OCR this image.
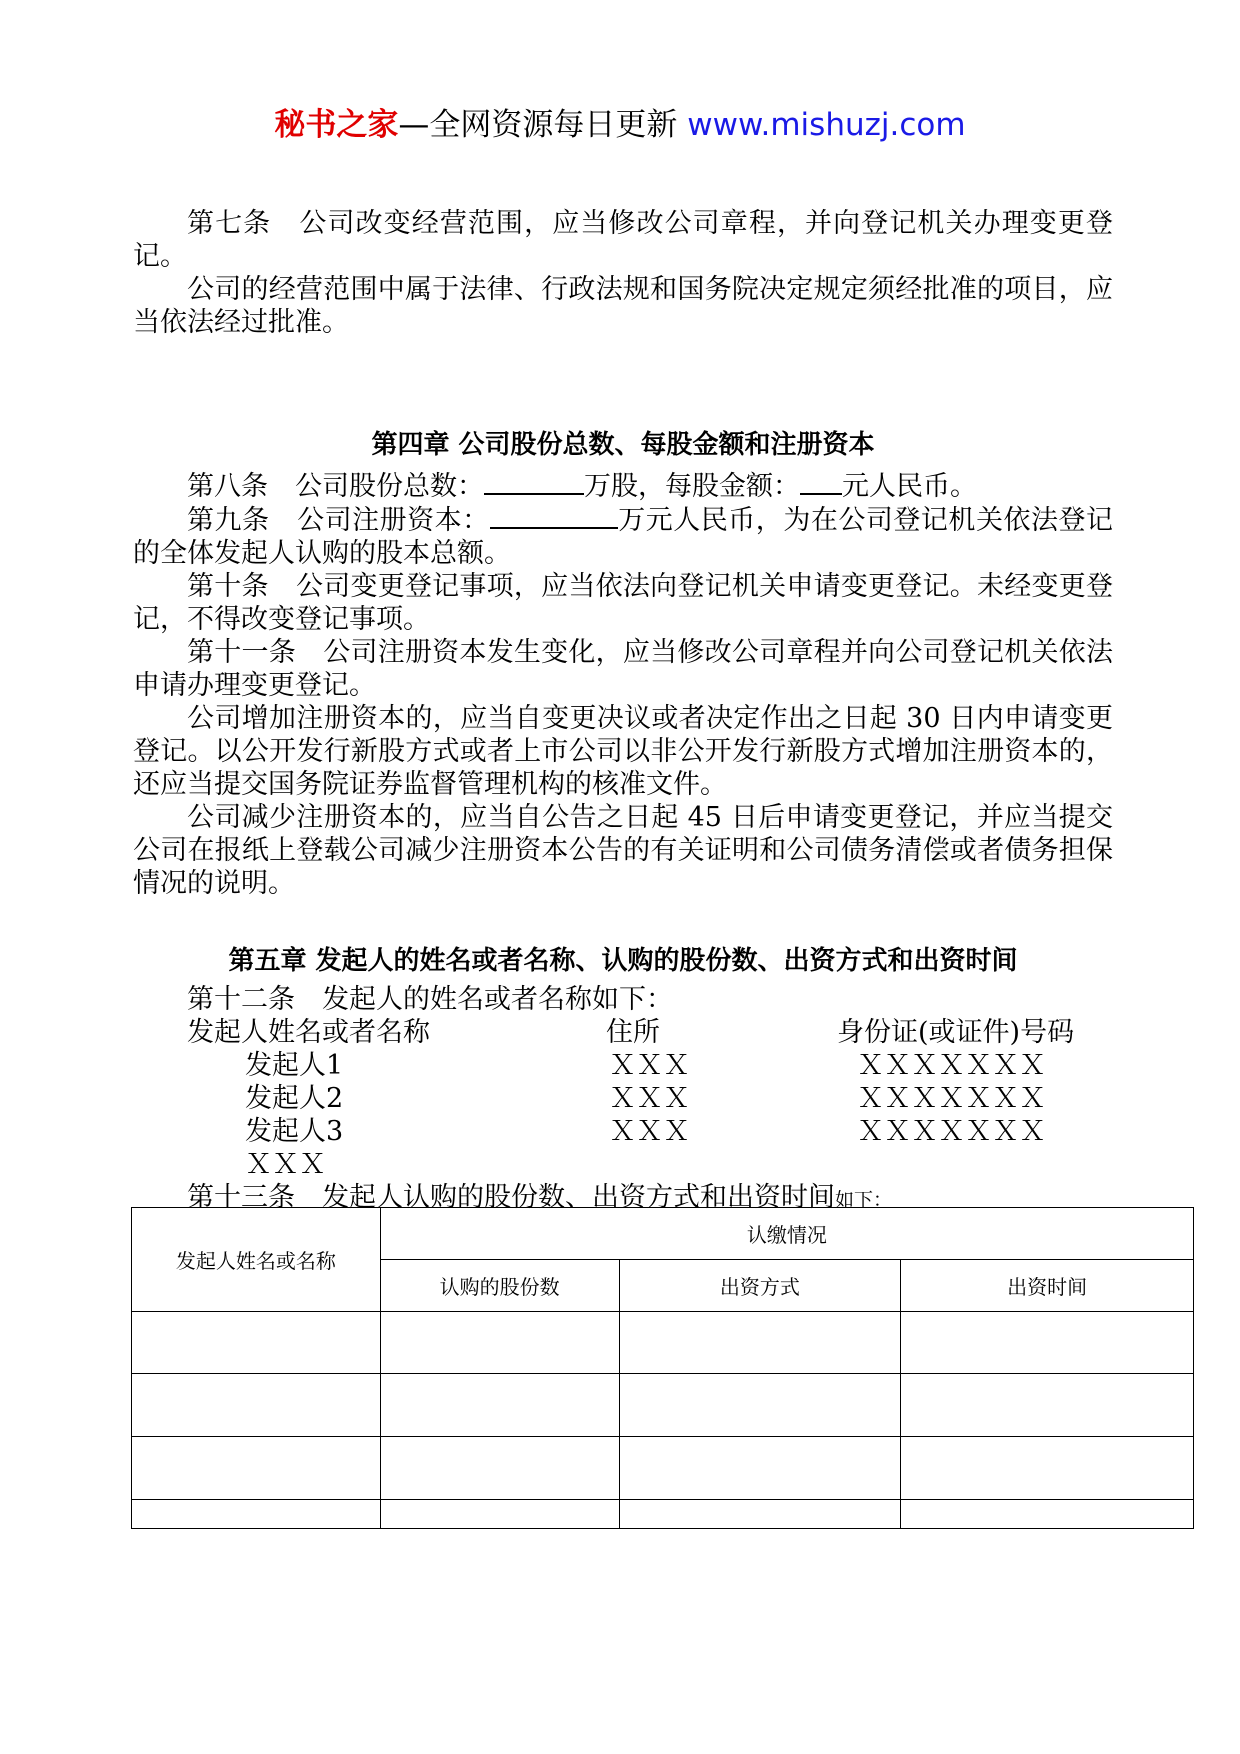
秘书之家—全网资源每日更新 www.mishuzj.com

第七条　公司改变经营范围，应当修改公司章程，并向登记机关办理变更登记。

公司的经营范围中属于法律、行政法规和国务院决定规定须经批准的项目，应当依法经过批准。

第四章 公司股份总数、每股金额和注册资本

第八条　公司股份总数：	万股，每股金额： 元人民币。

第九条　公司注册资本：	万元人民币，为在公司登记机关依法登记的全体发起人认购的股本总额。

第十条　公司变更登记事项，应当依法向登记机关申请变更登记。未经变更登记，不得改变登记事项。

第十一条　公司注册资本发生变化，应当修改公司章程并向公司登记机关依法申请办理变更登记。

公司增加注册资本的，应当自变更决议或者决定作出之日起 30 日内申请变更登记。以公开发行新股方式或者上市公司以非公开发行新股方式增加注册资本的，还应当提交国务院证券监督管理机构的核准文件。

公司减少注册资本的，应当自公告之日起 45 日后申请变更登记，并应当提交公司在报纸上登载公司减少注册资本公告的有关证明和公司债务清偿或者债务担保情况的说明。

第五章 发起人的姓名或者名称、认购的股份数、出资方式和出资时间

第十二条　发起人的姓名或者名称如下：

发起人姓名或者名称	住所	身份证(或证件)号码
发起人1	ＸＸＸ	ＸＸＸＸＸＸＸ
发起人2	ＸＸＸ	ＸＸＸＸＸＸＸ
发起人3	ＸＸＸ	ＸＸＸＸＸＸＸ
ＸＸＸ

第十三条　发起人认购的股份数、出资方式和出资时间如下：

发起人姓名或名称	认缴情况		
	认购的股份数	出资方式	出资时间
